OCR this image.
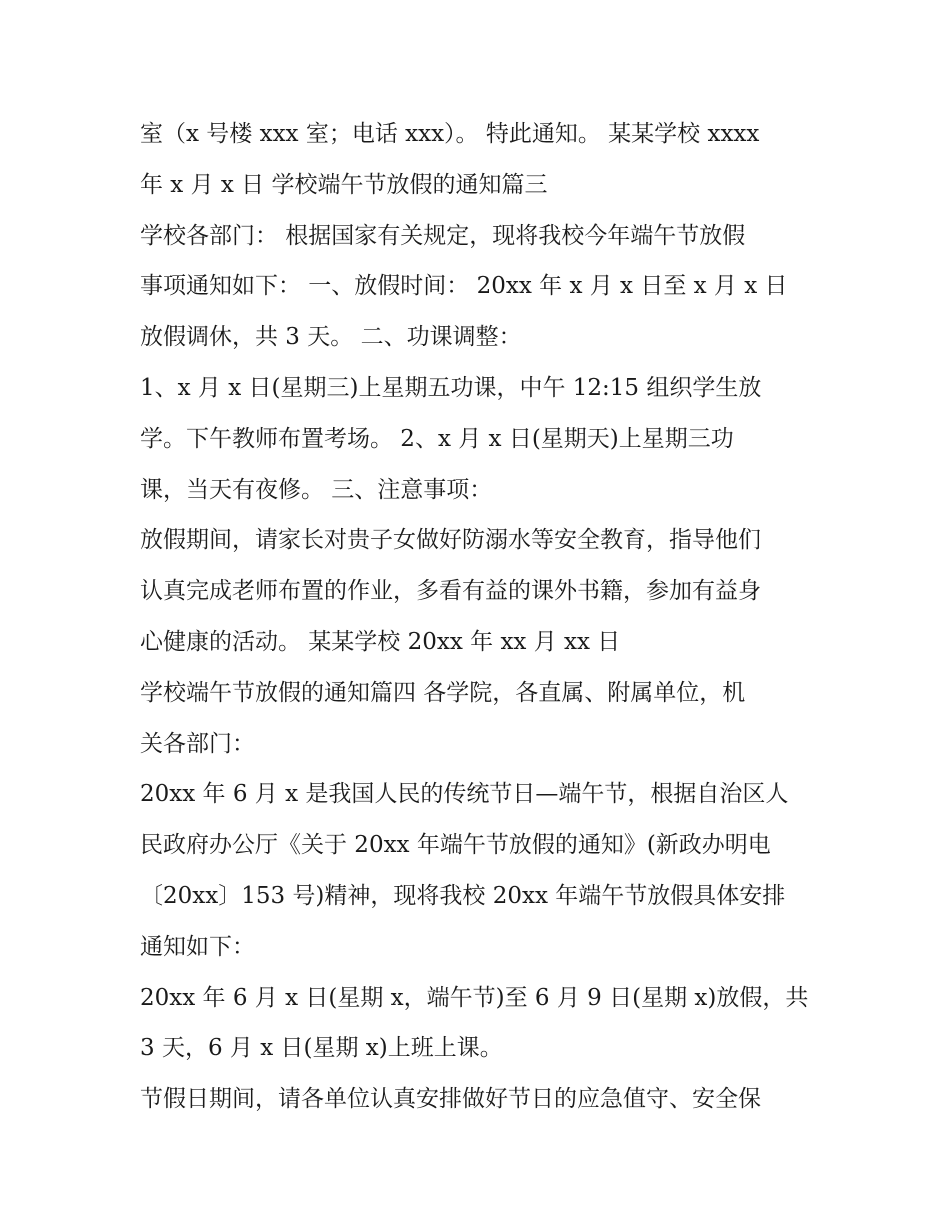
室（x 号楼 xxx 室；电话 xxx）。 特此通知。 某某学校 xxxx
年 x 月 x 日 学校端午节放假的通知篇三
学校各部门： 根据国家有关规定，现将我校今年端午节放假
事项通知如下： 一、放假时间： 20xx 年 x 月 x 日至 x 月 x 日
放假调休，共 3 天。 二、功课调整：
1、x 月 x 日(星期三)上星期五功课，中午 12:15 组织学生放
学。下午教师布置考场。 2、x 月 x 日(星期天)上星期三功
课，当天有夜修。 三、注意事项：
放假期间，请家长对贵子女做好防溺水等安全教育，指导他们
认真完成老师布置的作业，多看有益的课外书籍，参加有益身
心健康的活动。 某某学校 20xx 年 xx 月 xx 日
学校端午节放假的通知篇四 各学院，各直属、附属单位，机
关各部门：
20xx 年 6 月 x 是我国人民的传统节日—端午节，根据自治区人
民政府办公厅《关于 20xx 年端午节放假的通知》(新政办明电
〔20xx〕153 号)精神，现将我校 20xx 年端午节放假具体安排
通知如下：
20xx 年 6 月 x 日(星期 x，端午节)至 6 月 9 日(星期 x)放假，共
3 天，6 月 x 日(星期 x)上班上课。
节假日期间，请各单位认真安排做好节日的应急值守、安全保
